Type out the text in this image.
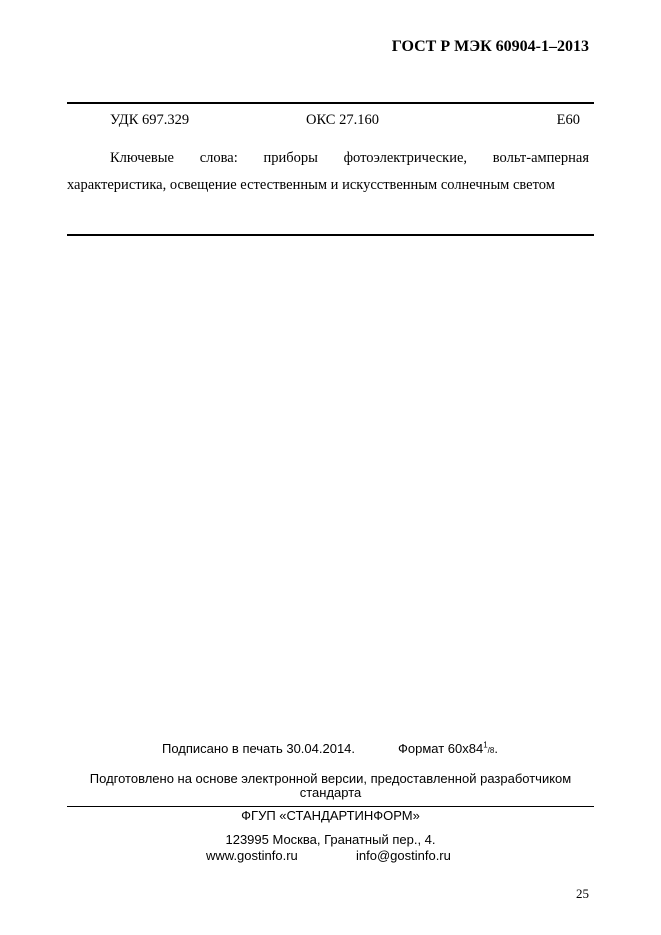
ГОСТ Р МЭК 60904-1–2013
УДК 697.329	ОКС 27.160	Е60

Ключевые слова: приборы фотоэлектрические, вольт-амперная характеристика, освещение естественным и искусственным солнечным светом

Подписано в печать 30.04.2014.	Формат $60х84^1/8$.
Подготовлено на основе электронной версии, предоставленной разработчиком стандарта
ФГУП «СТАНДАРТИНФОРМ»
123995 Москва, Гранатный пер., 4.
www.gostinfo.ru	info@gostinfo.ru
25
